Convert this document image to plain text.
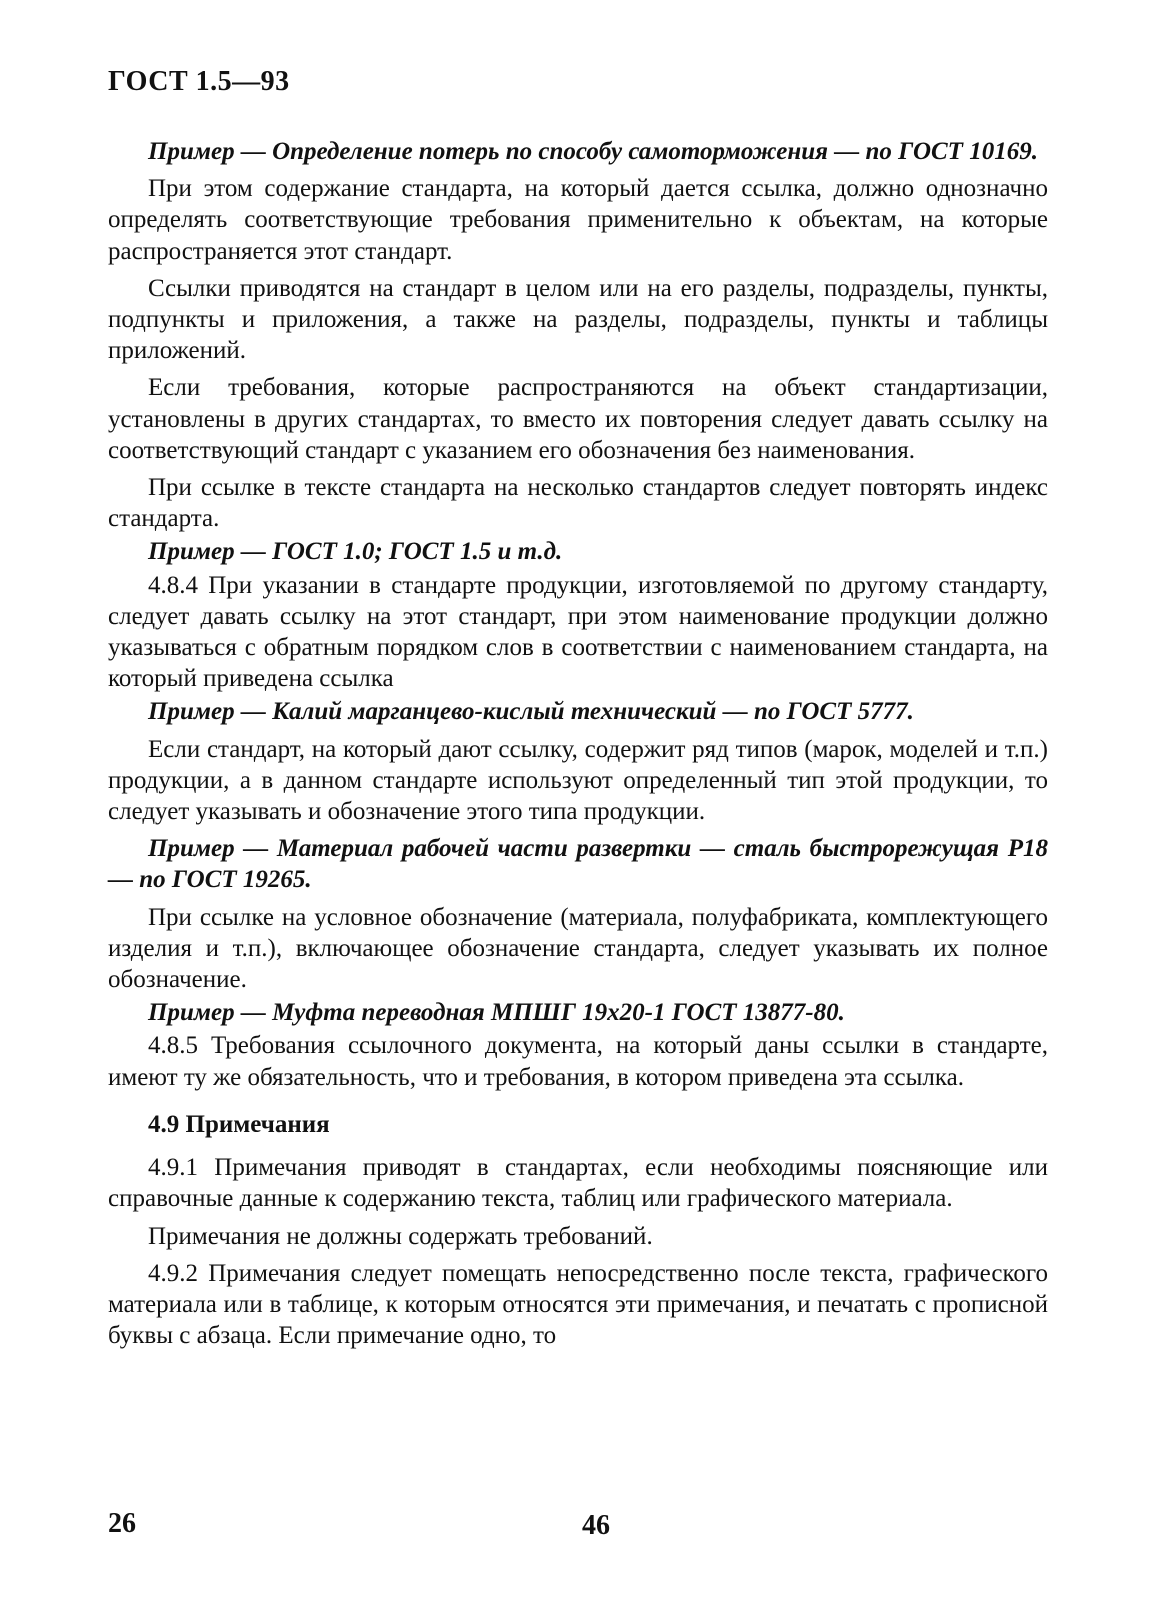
ГОСТ 1.5—93

Пример — Определение потерь по способу самоторможения — по ГОСТ 10169.

При этом содержание стандарта, на который дается ссылка, должно однозначно определять соответствующие требования применительно к объектам, на которые распространяется этот стандарт.

Ссылки приводятся на стандарт в целом или на его разделы, подразделы, пункты, подпункты и приложения, а также на разделы, подразделы, пункты и таблицы приложений.

Если требования, которые распространяются на объект стандартизации, установлены в других стандартах, то вместо их повторения следует давать ссылку на соответствующий стандарт с указанием его обозначения без наименования.

При ссылке в тексте стандарта на несколько стандартов следует повторять индекс стандарта.

Пример — ГОСТ 1.0; ГОСТ 1.5 и т.д.

4.8.4 При указании в стандарте продукции, изготовляемой по другому стандарту, следует давать ссылку на этот стандарт, при этом наименование продукции должно указываться с обратным порядком слов в соответствии с наименованием стандарта, на который приведена ссылка

Пример — Калий марганцево-кислый технический — по ГОСТ 5777.

Если стандарт, на который дают ссылку, содержит ряд типов (марок, моделей и т.п.) продукции, а в данном стандарте используют определенный тип этой продукции, то следует указывать и обозначение этого типа продукции.

Пример — Материал рабочей части развертки — сталь быстрорежущая Р18 — по ГОСТ 19265.

При ссылке на условное обозначение (материала, полуфабриката, комплектующего изделия и т.п.), включающее обозначение стандарта, следует указывать их полное обозначение.

Пример — Муфта переводная МПШГ 19х20-1 ГОСТ 13877-80.

4.8.5 Требования ссылочного документа, на который даны ссылки в стандарте, имеют ту же обязательность, что и требования, в котором приведена эта ссылка.

4.9 Примечания

4.9.1 Примечания приводят в стандартах, если необходимы поясняющие или справочные данные к содержанию текста, таблиц или графического материала.

Примечания не должны содержать требований.

4.9.2 Примечания следует помещать непосредственно после текста, графического материала или в таблице, к которым относятся эти примечания, и печатать с прописной буквы с абзаца. Если примечание одно, то

26	46
